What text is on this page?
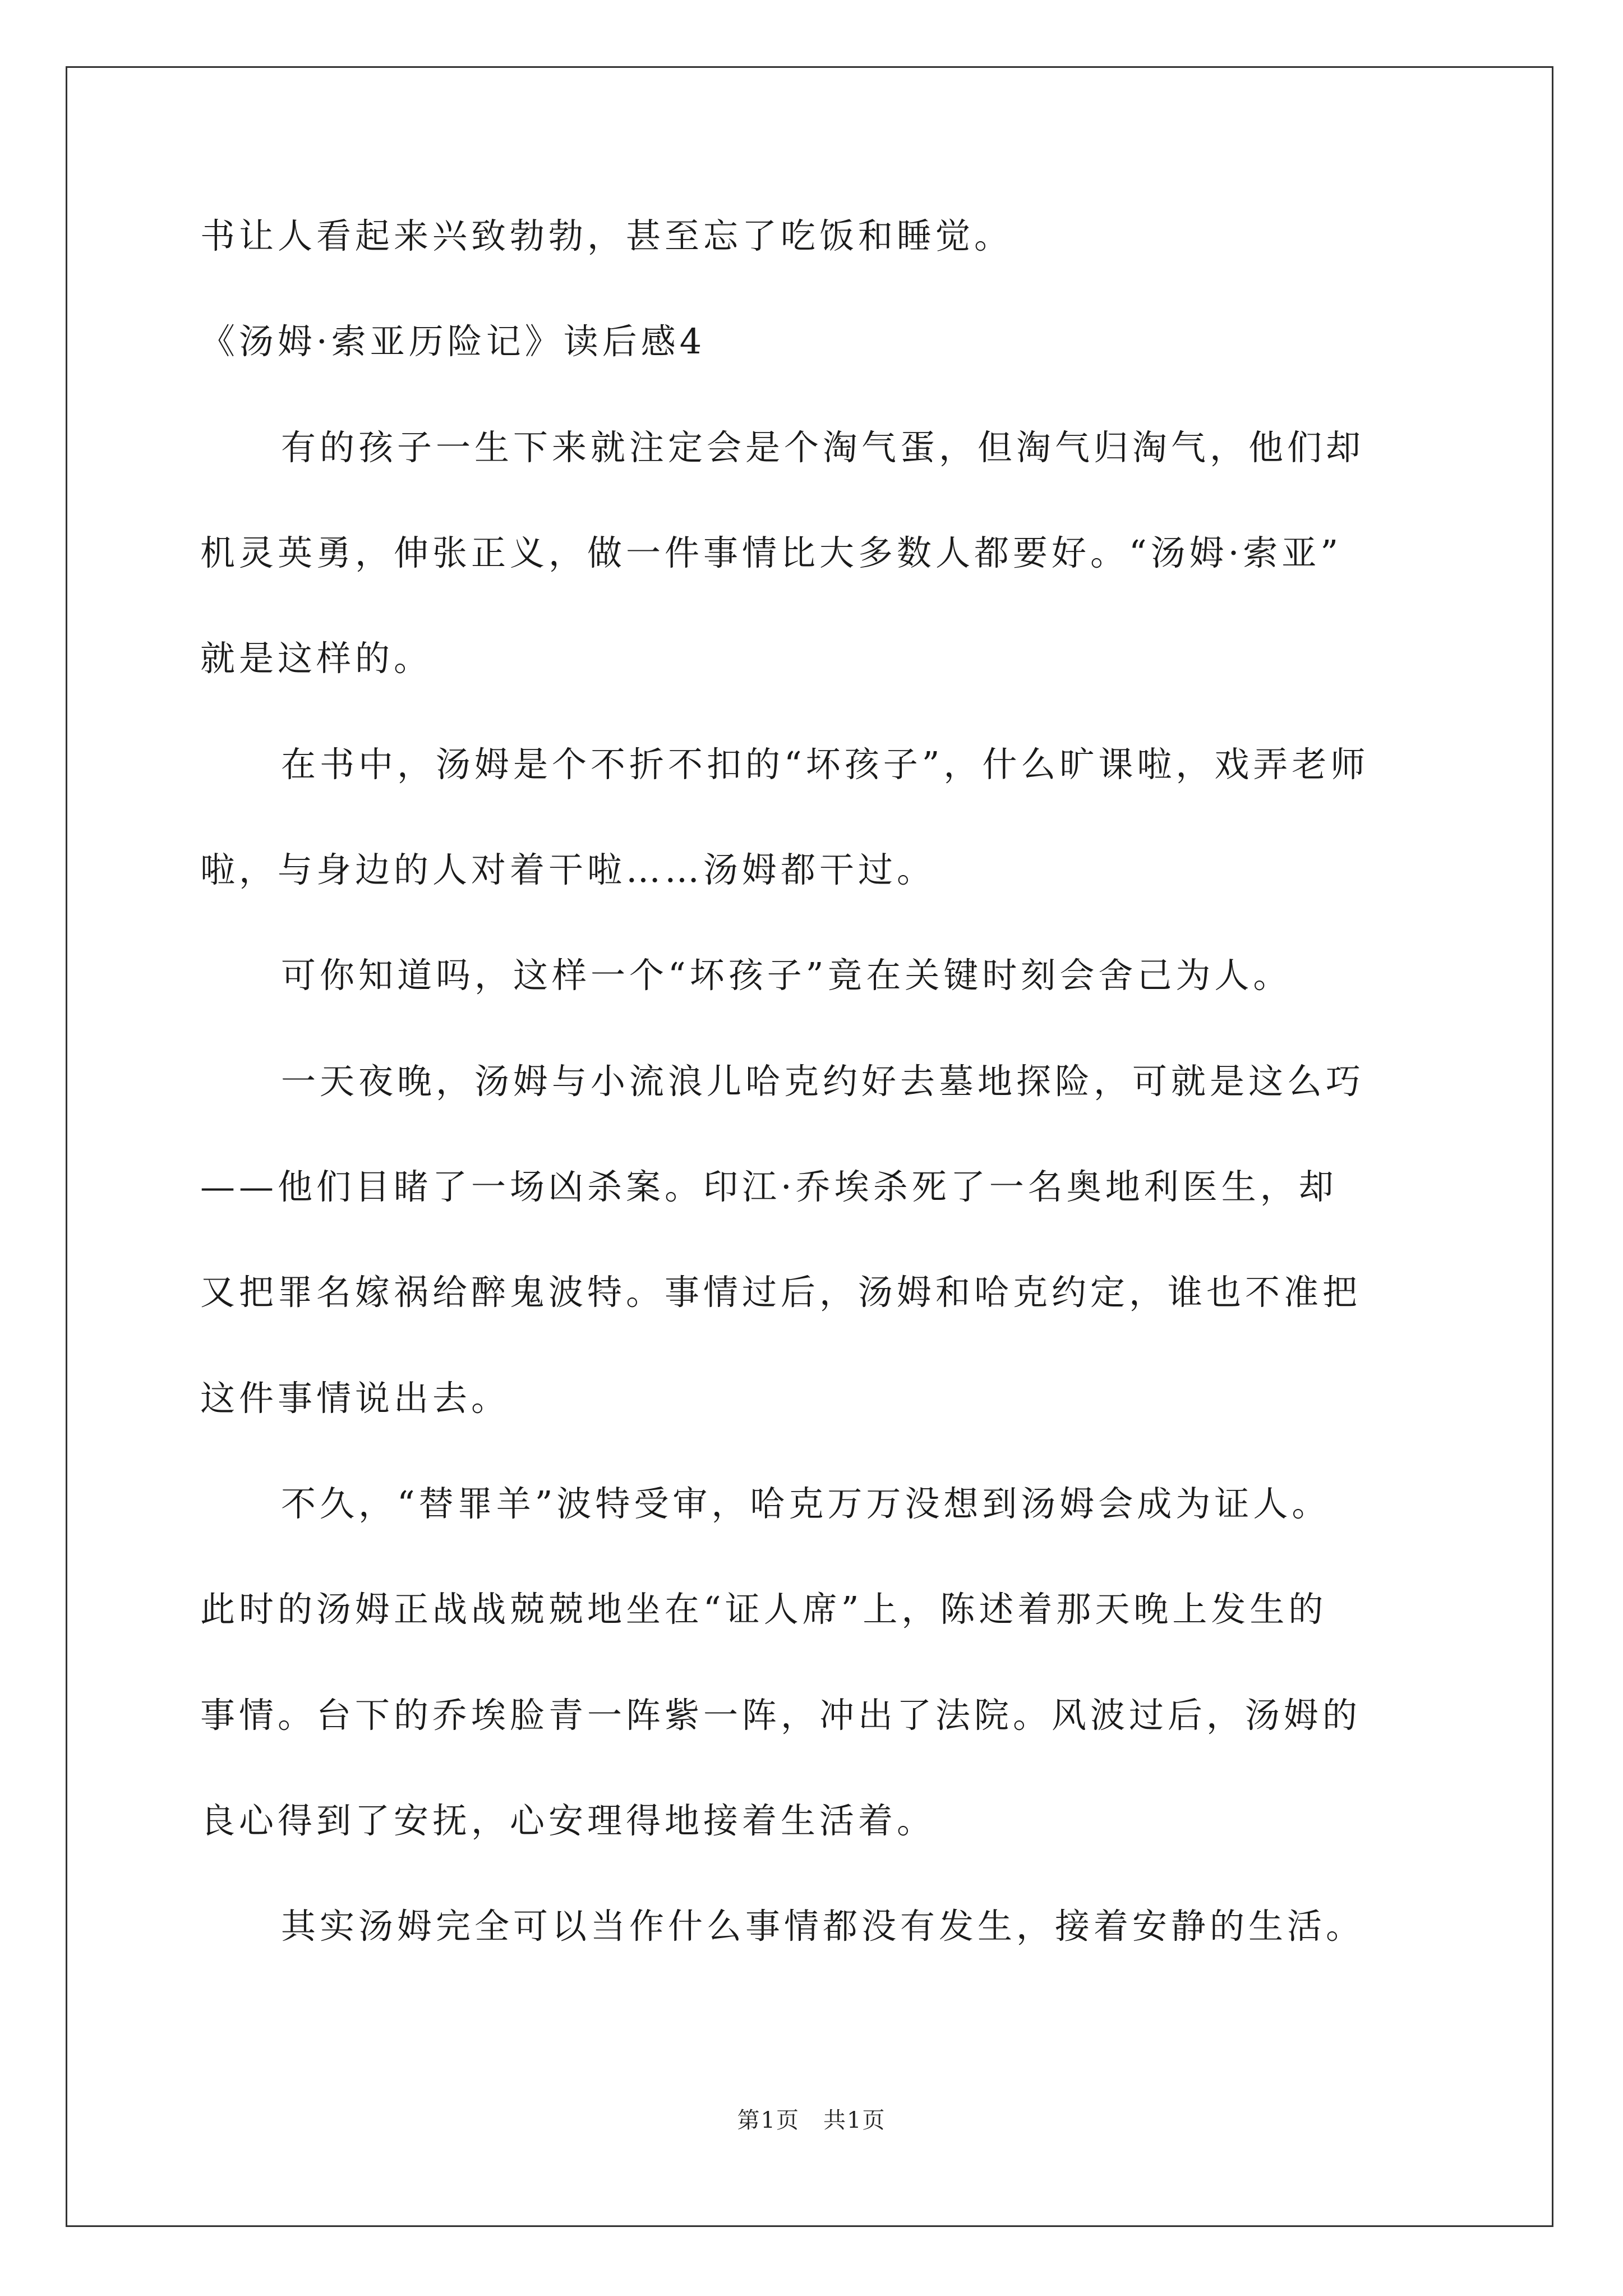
书让人看起来兴致勃勃，甚至忘了吃饭和睡觉。
《汤姆·索亚历险记》读后感4
有的孩子一生下来就注定会是个淘气蛋，但淘气归淘气，他们却
机灵英勇，伸张正义，做一件事情比大多数人都要好。“汤姆·索亚”
就是这样的。
在书中，汤姆是个不折不扣的“坏孩子”，什么旷课啦，戏弄老师
啦，与身边的人对着干啦……汤姆都干过。
可你知道吗，这样一个“坏孩子”竟在关键时刻会舍己为人。
一天夜晚，汤姆与小流浪儿哈克约好去墓地探险，可就是这么巧
——他们目睹了一场凶杀案。印江·乔埃杀死了一名奥地利医生，却
又把罪名嫁祸给醉鬼波特。事情过后，汤姆和哈克约定，谁也不准把
这件事情说出去。
不久，“替罪羊”波特受审，哈克万万没想到汤姆会成为证人。
此时的汤姆正战战兢兢地坐在“证人席”上，陈述着那天晚上发生的
事情。台下的乔埃脸青一阵紫一阵，冲出了法院。风波过后，汤姆的
良心得到了安抚，心安理得地接着生活着。
其实汤姆完全可以当作什么事情都没有发生，接着安静的生活。
第1页　共1页
